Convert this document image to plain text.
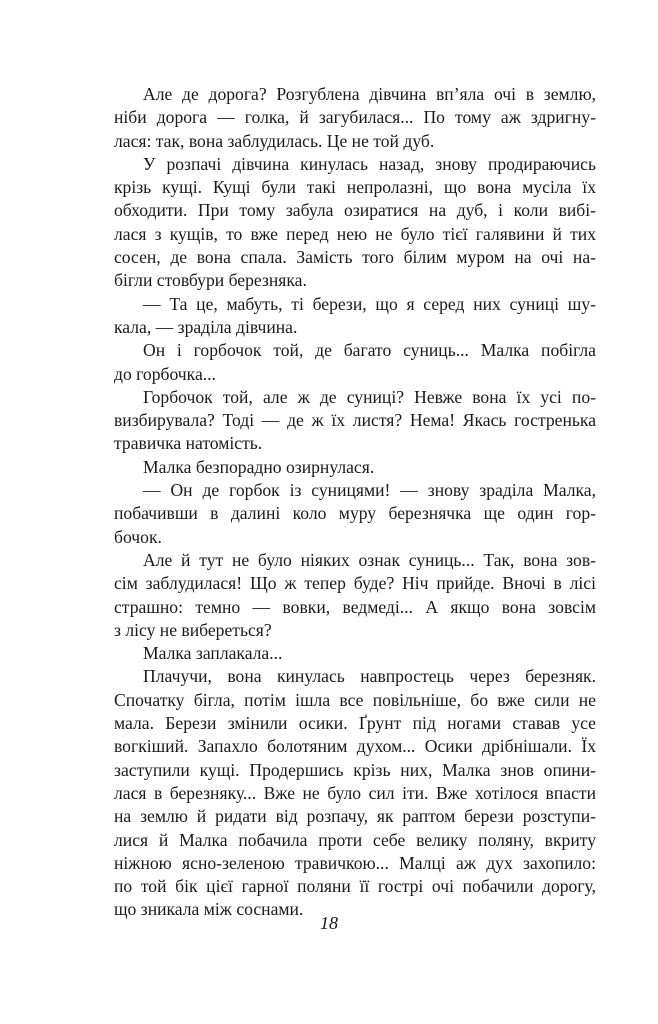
Але де дорога? Розгублена дівчина вп’яла очі в землю,
ніби дорога — голка, й загубилася... По тому аж здригну-
лася: так, вона заблудилась. Це не той дуб.
У розпачі дівчина кинулась назад, знову продираючись
крізь кущі. Кущі були такі непролазні, що вона мусіла їх
обходити. При тому забула озиратися на дуб, і коли вибі-
лася з кущів, то вже перед нею не було тієї галявини й тих
сосен, де вона спала. Замість того білим муром на очі на-
бігли стовбури березняка.
— Та це, мабуть, ті берези, що я серед них суниці шу-
кала, — зраділа дівчина.
Он і горбочок той, де багато суниць... Малка побігла
до горбочка...
Горбочок той, але ж де суниці? Невже вона їх усі по-
визбирувала? Тоді — де ж їх листя? Нема! Якась гостренька
травичка натомість.
Малка безпорадно озирнулася.
— Он де горбок із суницями! — знову зраділа Малка,
побачивши в далині коло муру березнячка ще один гор-
бочок.
Але й тут не було ніяких ознак суниць... Так, вона зов-
сім заблудилася! Що ж тепер буде? Ніч прийде. Вночі в лісі
страшно: темно — вовки, ведмеді... А якщо вона зовсім
з лісу не вибереться?
Малка заплакала...
Плачучи, вона кинулась навпростець через березняк.
Спочатку бігла, потім ішла все повільніше, бо вже сили не
мала. Берези змінили осики. Ґрунт під ногами ставав усе
вогкіший. Запахло болотяним духом... Осики дрібнішали. Їх
заступили кущі. Продершись крізь них, Малка знов опини-
лася в березняку... Вже не було сил іти. Вже хотілося впасти
на землю й ридати від розпачу, як раптом берези розступи-
лися й Малка побачила проти себе велику поляну, вкриту
ніжною ясно-зеленою травичкою... Малці аж дух захопило:
по той бік цієї гарної поляни її гострі очі побачили дорогу,
що зникала між соснами.
18
